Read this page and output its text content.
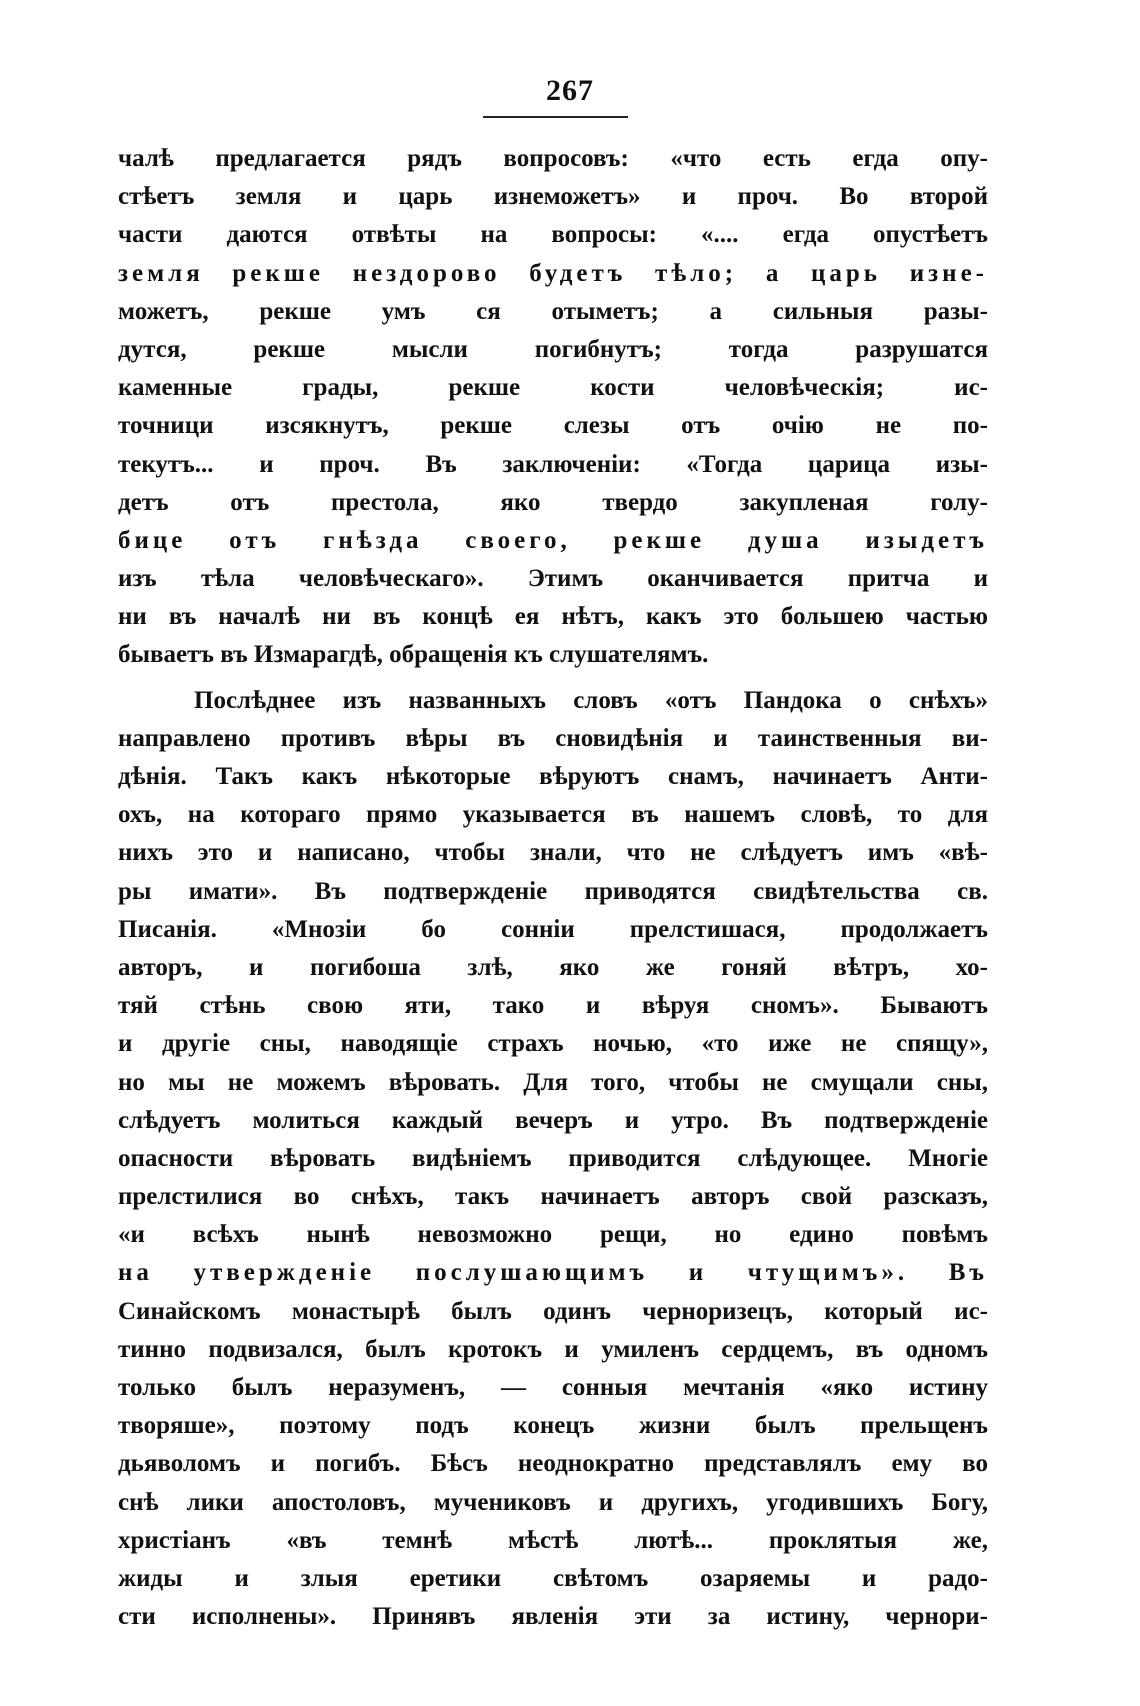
267
чалѣ предлагается рядъ вопросовъ: «что есть егда опу-
стѣетъ земля и царь изнеможетъ» и проч. Во второй
части даются отвѣты на вопросы: «.... егда опустѣетъ
земля рекше нездорово будетъ тѣло; а царь изне-
можетъ, рекше умъ ся отыметъ; а сильныя разы-
дутся, рекше мысли погибнутъ; тогда разрушатся
каменные грады, рекше кости человѣческія; ис-
точници изсякнутъ, рекше слезы отъ очію не по-
текутъ... и проч. Въ заключеніи: «Тогда царица изы-
детъ отъ престола, яко твердо закупленая голу-
бице отъ гнѣзда своего, рекше душа изыдетъ
изъ тѣла человѣческаго». Этимъ оканчивается притча и
ни въ началѣ ни въ концѣ ея нѣтъ, какъ это большею частью
бываетъ въ Измарагдѣ, обращенія къ слушателямъ.
Послѣднее изъ названныхъ словъ «отъ Пандока о снѣхъ»
направлено противъ вѣры въ сновидѣнія и таинственныя ви-
дѣнія. Такъ какъ нѣкоторые вѣруютъ снамъ, начинаетъ Анти-
охъ, на котораго прямо указывается въ нашемъ словѣ, то для
нихъ это и написано, чтобы знали, что не слѣдуетъ имъ «вѣ-
ры имати». Въ подтвержденіе приводятся свидѣтельства св.
Писанія. «Мнозіи бо сонніи прелстишася, продолжаетъ
авторъ, и погибоша злѣ, яко же гоняй вѣтръ, хо-
тяй стѣнь свою яти, тако и вѣруя сномъ». Бываютъ
и другіе сны, наводящіе страхъ ночью, «то иже не спящу»,
но мы не можемъ вѣровать. Для того, чтобы не смущали сны,
слѣдуетъ молиться каждый вечеръ и утро. Въ подтвержденіе
опасности вѣровать видѣніемъ приводится слѣдующее. Многіе
прелстилися во снѣхъ, такъ начинаетъ авторъ свой разсказъ,
«и всѣхъ нынѣ невозможно рещи, но едино повѣмъ
на утвержденіе послушающимъ и чтущимъ». Въ
Синайскомъ монастырѣ былъ одинъ черноризецъ, который ис-
тинно подвизался, былъ кротокъ и умиленъ сердцемъ, въ одномъ
только былъ неразуменъ, — сонныя мечтанія «яко истину
творяше», поэтому подъ конецъ жизни былъ прельщенъ
дьяволомъ и погибъ. Бѣсъ неоднократно представлялъ ему во
снѣ лики апостоловъ, мучениковъ и другихъ, угодившихъ Богу,
христіанъ «въ темнѣ мѣстѣ лютѣ... проклятыя же,
жиды и злыя еретики свѣтомъ озаряемы и радо-
сти исполнены». Принявъ явленія эти за истину, чернори-
